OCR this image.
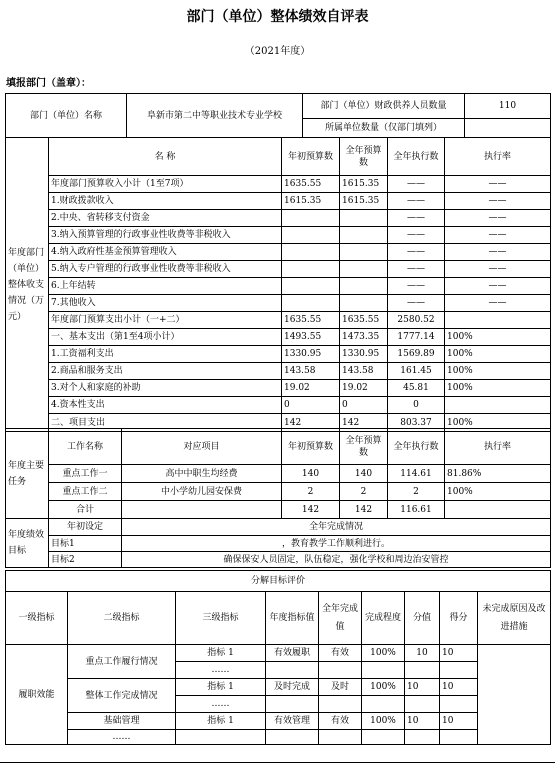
部门（单位）整体绩效自评表
（2021年度）
填报部门（盖章）：
部门（单位）名称	阜新市第二中等职业技术专业学校	部门（单位）财政供养人员数量	110
		所属单位数量（仅部门填列）	
年度部门（单位）整体收支情况（万元）	名 称	年初预算数	全年预算数	全年执行数	执行率
	年度部门预算收入小计（1至7项）	1635.55	1615.35	——	——
	1.财政拨款收入	1615.35	1615.35	——	——
	2.中央、省转移支付资金			——	——
	3.纳入预算管理的行政事业性收费等非税收入			——	——
	4.纳入政府性基金预算管理收入			——	——
	5.纳入专户管理的行政事业性收费等非税收入			——	——
	6.上年结转			——	——
	7.其他收入			——	——
	年度部门预算支出小计（一+二）	1635.55	1635.55	2580.52	
	一、基本支出（第1至4项小计）	1493.55	1473.35	1777.14	100%
	1.工资福利支出	1330.95	1330.95	1569.89	100%
	2.商品和服务支出	143.58	143.58	161.45	100%
	3.对个人和家庭的补助	19.02	19.02	45.81	100%
	4.资本性支出	0	0	0	
	二、项目支出	142	142	803.37	100%
年度主要任务	工作名称	对应项目	年初预算数	全年预算数	全年执行数	执行率
	重点工作一	高中中职生均经费	140	140	114.61	81.86%
	重点工作二	中小学幼儿园安保费	2	2	2	100%
	合计		142	142	116.61	
年度绩效目标	年初设定	全年完成情况				
	目标1	，教育教学工作顺利进行。				
	目标2	确保保安人员固定，队伍稳定，强化学校和周边治安管控				
分解目标评价								
一级指标	二级指标	三级指标	年度指标值	全年完成值	完成程度	分值	得分	未完成原因及改进措施
履职效能	重点工作履行情况	指标 1	有效履职	有效	100%	10	10	
		……						
	整体工作完成情况	指标 1	及时完成	及时	100%	10	10	
		……						
	基础管理	指标 1	有效管理	有效	100%	10	10	
	……							
